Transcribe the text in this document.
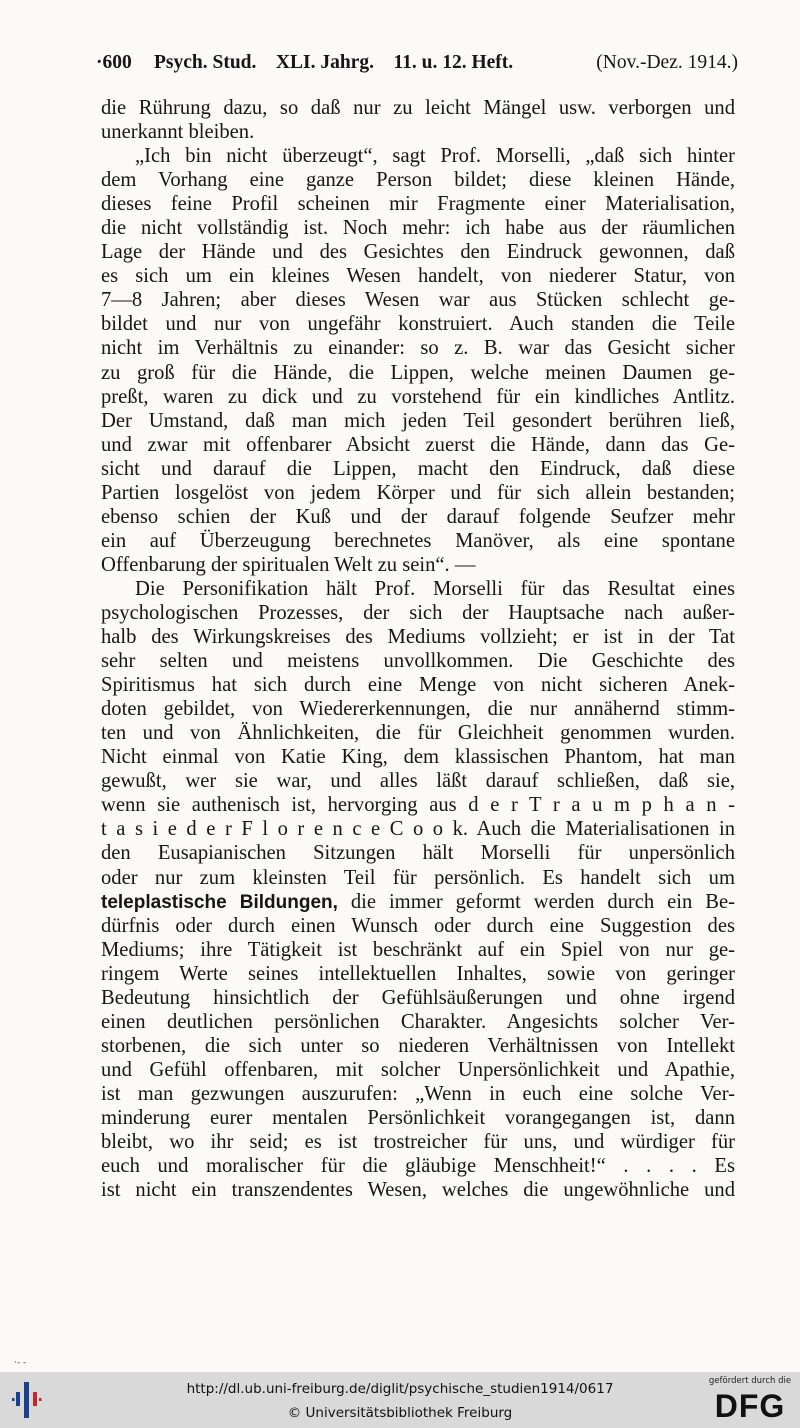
·600 Psych. Stud.   XLI. Jahrg.   11. u. 12. Heft.	(Nov.-Dez. 1914.)
die Rührung dazu, so daß nur zu leicht Mängel usw. verborgen und
unerkannt bleiben.
„Ich bin nicht überzeugt“, sagt Prof. Morselli, „daß sich hinter
dem Vorhang eine ganze Person bildet; diese kleinen Hände,
dieses feine Profil scheinen mir Fragmente einer Materialisation,
die nicht vollständig ist. Noch mehr: ich habe aus der räumlichen
Lage der Hände und des Gesichtes den Eindruck gewonnen, daß
es sich um ein kleines Wesen handelt, von niederer Statur, von
7—8 Jahren; aber dieses Wesen war aus Stücken schlecht ge-
bildet und nur von ungefähr konstruiert. Auch standen die Teile
nicht im Verhältnis zu einander: so z. B. war das Gesicht sicher
zu groß für die Hände, die Lippen, welche meinen Daumen ge-
preßt, waren zu dick und zu vorstehend für ein kindliches Antlitz.
Der Umstand, daß man mich jeden Teil gesondert berühren ließ,
und zwar mit offenbarer Absicht zuerst die Hände, dann das Ge-
sicht und darauf die Lippen, macht den Eindruck, daß diese
Partien losgelöst von jedem Körper und für sich allein bestanden;
ebenso schien der Kuß und der darauf folgende Seufzer mehr
ein auf Überzeugung berechnetes Manöver, als eine spontane
Offenbarung der spiritualen Welt zu sein“. —
Die Personifikation hält Prof. Morselli für das Resultat eines
psychologischen Prozesses, der sich der Hauptsache nach außer-
halb des Wirkungskreises des Mediums vollzieht; er ist in der Tat
sehr selten und meistens unvollkommen. Die Geschichte des
Spiritismus hat sich durch eine Menge von nicht sicheren Anek-
doten gebildet, von Wiedererkennungen, die nur annähernd stimm-
ten und von Ähnlichkeiten, die für Gleichheit genommen wurden.
Nicht einmal von Katie King, dem klassischen Phantom, hat man
gewußt, wer sie war, und alles läßt darauf schließen, daß sie,
wenn sie authenisch ist, hervorging aus d e r T r a u m p h a n -
t a s i e d e r F l o r e n c e C o o k. Auch die Materialisationen in
den Eusapianischen Sitzungen hält Morselli für unpersönlich
oder nur zum kleinsten Teil für persönlich. Es handelt sich um
teleplastische Bildungen, die immer geformt werden durch ein Be-
dürfnis oder durch einen Wunsch oder durch eine Suggestion des
Mediums; ihre Tätigkeit ist beschränkt auf ein Spiel von nur ge-
ringem Werte seines intellektuellen Inhaltes, sowie von geringer
Bedeutung hinsichtlich der Gefühlsäußerungen und ohne irgend
einen deutlichen persönlichen Charakter. Angesichts solcher Ver-
storbenen, die sich unter so niederen Verhältnissen von Intellekt
und Gefühl offenbaren, mit solcher Unpersönlichkeit und Apathie,
ist man gezwungen auszurufen: „Wenn in euch eine solche Ver-
minderung eurer mentalen Persönlichkeit vorangegangen ist, dann
bleibt, wo ihr seid; es ist trostreicher für uns, und würdiger für
euch und moralischer für die gläubige Menschheit!“ . . . . Es
ist nicht ein transzendentes Wesen, welches die ungewöhnliche und
·- -
http://dl.ub.uni-freiburg.de/diglit/psychische_studien1914/0617
© Universitätsbibliothek Freiburg
gefördert durch die
DFG
